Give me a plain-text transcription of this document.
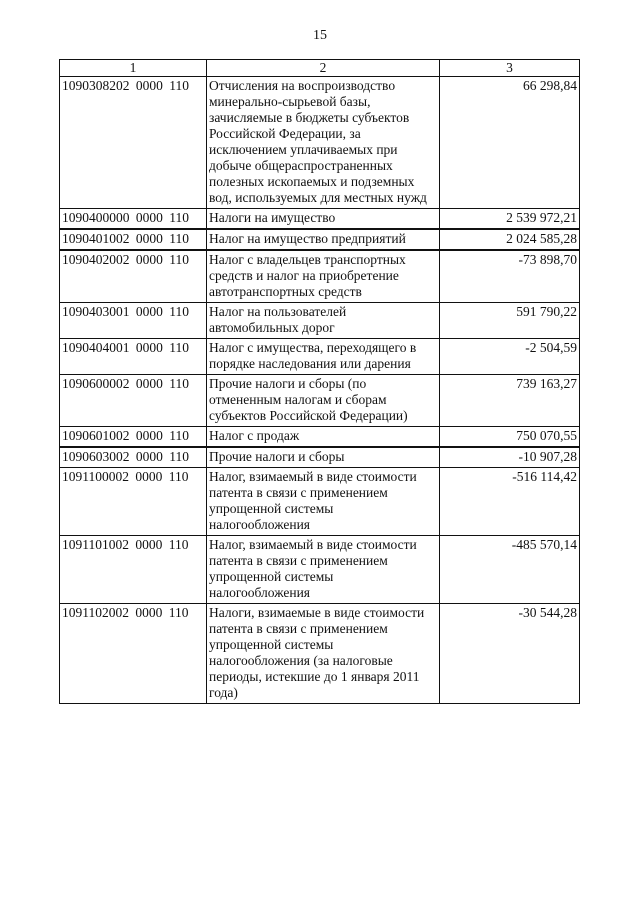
15
1	2	3
1090308202 0000 110	Отчисления на воспроизводство минерально-сырьевой базы, зачисляемые в бюджеты субъектов Российской Федерации, за исключением уплачиваемых при добыче общераспространенных полезных ископаемых и подземных вод, используемых для местных нужд	66 298,84
1090400000 0000 110	Налоги на имущество	2 539 972,21
1090401002 0000 110	Налог на имущество предприятий	2 024 585,28
1090402002 0000 110	Налог с владельцев транспортных средств и налог на приобретение автотранспортных средств	-73 898,70
1090403001 0000 110	Налог на пользователей автомобильных дорог	591 790,22
1090404001 0000 110	Налог с имущества, переходящего в порядке наследования или дарения	-2 504,59
1090600002 0000 110	Прочие налоги и сборы (по отмененным налогам и сборам субъектов Российской Федерации)	739 163,27
1090601002 0000 110	Налог с продаж	750 070,55
1090603002 0000 110	Прочие налоги и сборы	-10 907,28
1091100002 0000 110	Налог, взимаемый в виде стоимости патента в связи с применением упрощенной системы налогообложения	-516 114,42
1091101002 0000 110	Налог, взимаемый в виде стоимости патента в связи с применением упрощенной системы налогообложения	-485 570,14
1091102002 0000 110	Налоги, взимаемые в виде стоимости патента в связи с применением упрощенной системы налогообложения (за налоговые периоды, истекшие до 1 января 2011 года)	-30 544,28
